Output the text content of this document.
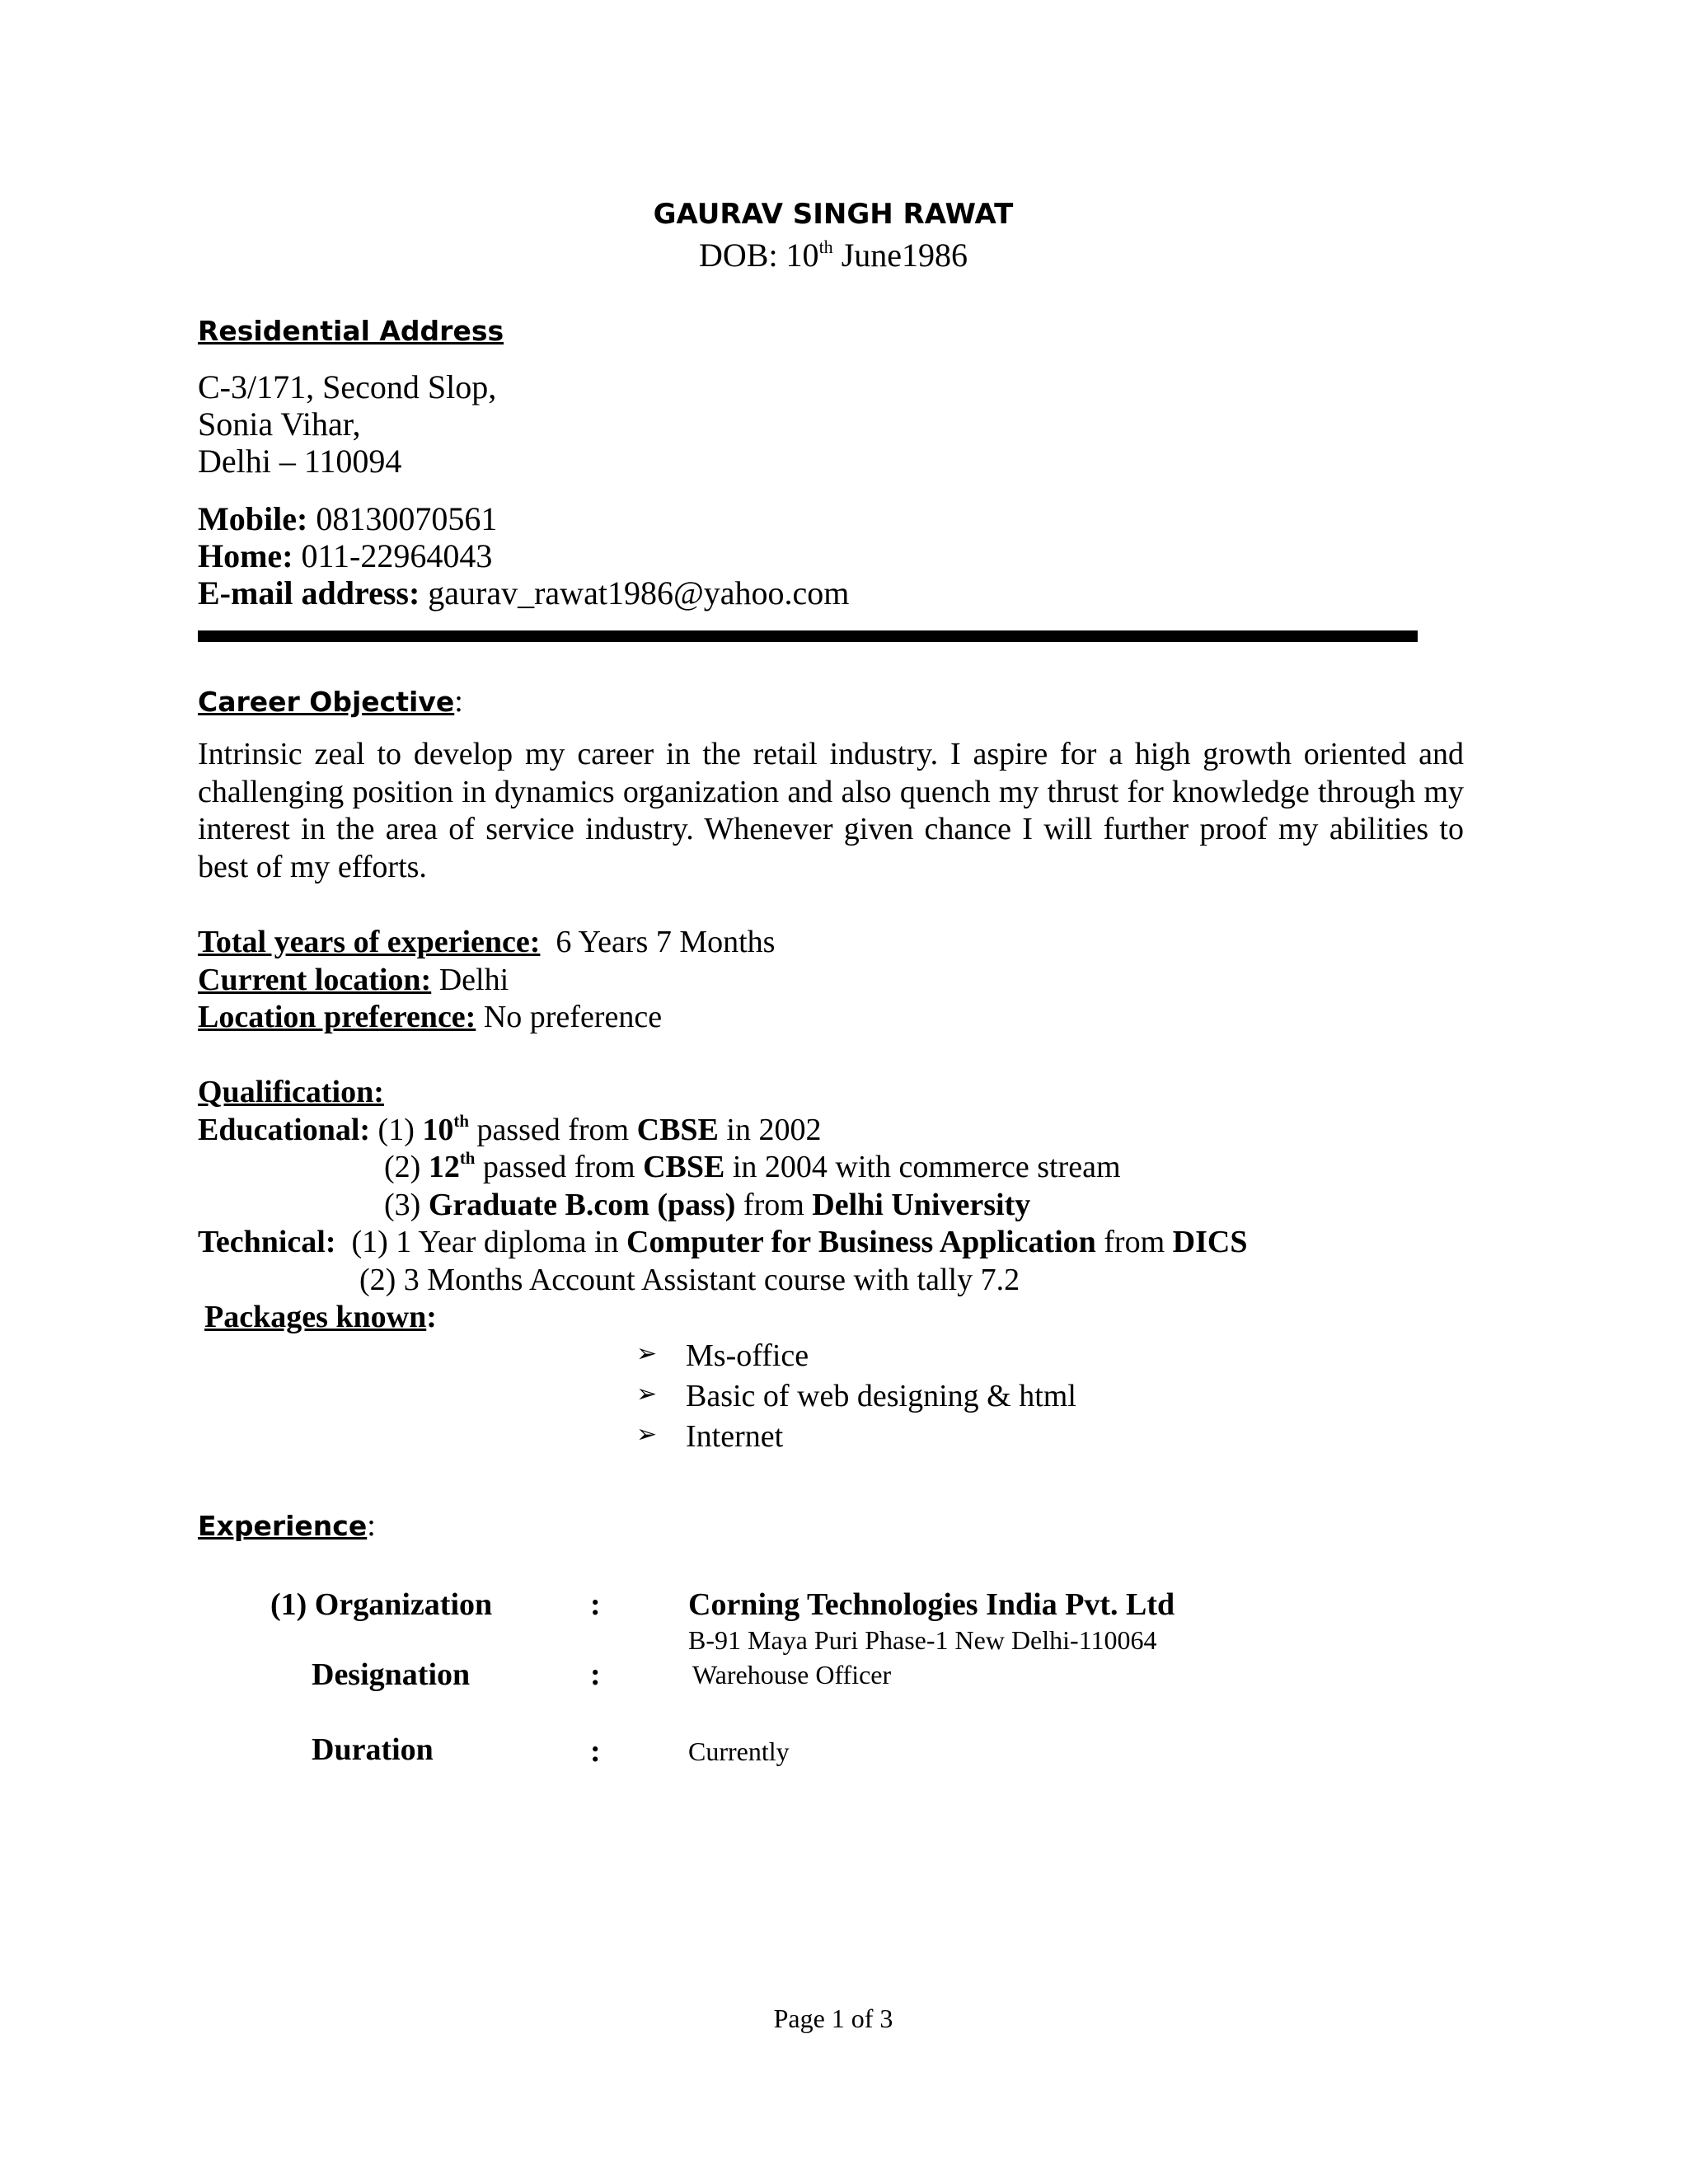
GAURAV SINGH RAWAT
DOB: 10th June1986
Residential Address
C-3/171, Second Slop,
Sonia Vihar,
Delhi – 110094
Mobile: 08130070561
Home: 011-22964043
E-mail address: gaurav_rawat1986@yahoo.com
Career Objective:
Intrinsic zeal to develop my career in the retail industry. I aspire for a high growth oriented and challenging position in dynamics organization and also quench my thrust for knowledge through my interest in the area of service industry. Whenever given chance I will further proof my abilities to best of my efforts.
Total years of experience:  6 Years 7 Months
Current location: Delhi
Location preference: No preference
Qualification:
Educational: (1) 10th passed from CBSE in 2002
(2) 12th passed from CBSE in 2004 with commerce stream
(3) Graduate B.com (pass) from Delhi University
Technical:  (1) 1 Year diploma in Computer for Business Application from DICS
(2) 3 Months Account Assistant course with tally 7.2
Packages known:
➢ Ms-office
➢ Basic of web designing & html
➢ Internet
Experience:
(1) Organization	:	Corning Technologies India Pvt. Ltd
B-91 Maya Puri Phase-1 New Delhi-110064
Designation	:	Warehouse Officer
Duration	:	Currently
Page 1 of 3
